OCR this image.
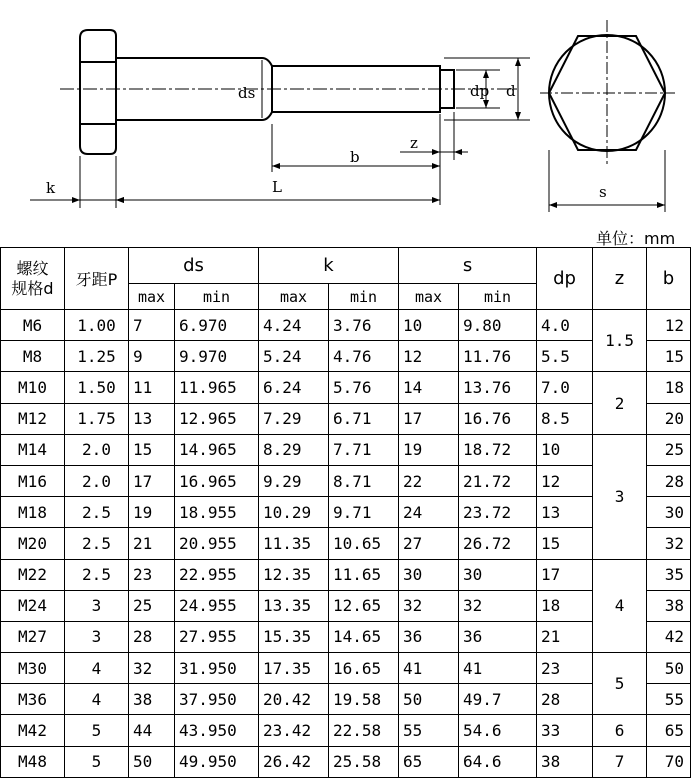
ds	dp d
z
b
k	L	s
单位：mm
螺纹
规格d	牙距P	ds		k		s		dp	z	b
		max	min	max	min	max	min			
M6	1.00	7	6.970	4.24	3.76	10	9.80	4.0	1.5	12
M8	1.25	9	9.970	5.24	4.76	12	11.76	5.5		15
M10	1.50	11	11.965	6.24	5.76	14	13.76	7.0	2	18
M12	1.75	13	12.965	7.29	6.71	17	16.76	8.5		20
M14	2.0	15	14.965	8.29	7.71	19	18.72	10	3	25
M16	2.0	17	16.965	9.29	8.71	22	21.72	12		28
M18	2.5	19	18.955	10.29	9.71	24	23.72	13		30
M20	2.5	21	20.955	11.35	10.65	27	26.72	15		32
M22	2.5	23	22.955	12.35	11.65	30	30	17	4	35
M24	3	25	24.955	13.35	12.65	32	32	18		38
M27	3	28	27.955	15.35	14.65	36	36	21		42
M30	4	32	31.950	17.35	16.65	41	41	23	5	50
M36	4	38	37.950	20.42	19.58	50	49.7	28		55
M42	5	44	43.950	23.42	22.58	55	54.6	33	6	65
M48	5	50	49.950	26.42	25.58	65	64.6	38	7	70
